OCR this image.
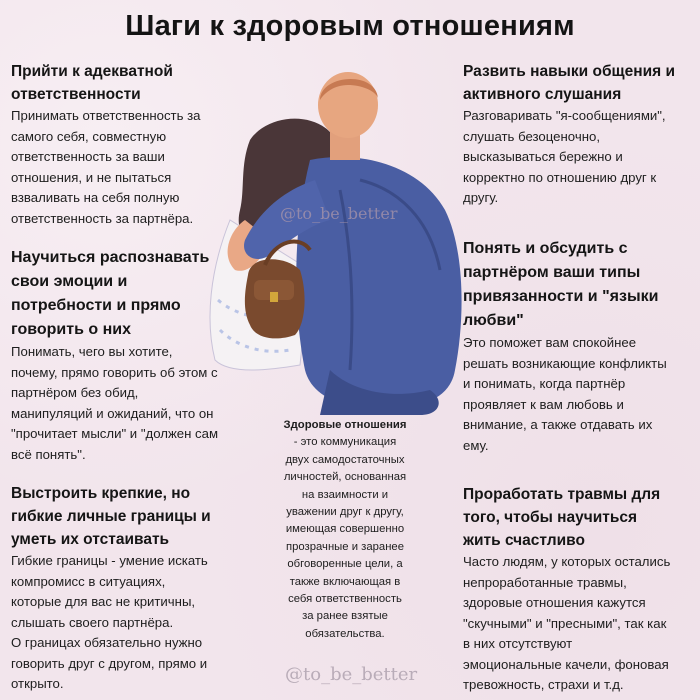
Шаги к здоровым отношениям
@to_be_better
Прийти к адекватной
ответственности

Принимать ответственность за
самого себя, совместную
ответственность за ваши
отношения, и не пытаться
взваливать на себя полную
ответственность за партнёра.

Научиться распознавать
свои эмоции и
потребности и прямо
говорить о них

Понимать, чего вы хотите,
почему, прямо говорить об этом с
партнёром без обид,
манипуляций и ожиданий, что он
"прочитает мысли" и "должен сам
всё понять".

Выстроить крепкие, но
гибкие личные границы и
уметь их отстаивать

Гибкие границы - умение искать
компромисс в ситуациях,
которые для вас не критичны,
слышать своего партнёра.
О границах обязательно нужно
говорить друг с другом, прямо и
открыто.

Развить навыки общения и
активного слушания

Разговаривать "я-сообщениями",
слушать безоценочно,
высказываться бережно и
корректно по отношению друг к
другу.

Понять и обсудить с
партнёром ваши типы
привязанности и "языки
любви"

Это поможет вам спокойнее
решать возникающие конфликты
и понимать, когда партнёр
проявляет к вам любовь и
внимание, а также отдавать их
ему.

Проработать травмы для
того, чтобы научиться
жить счастливо

Часто людям, у которых остались
непроработанные травмы,
здоровые отношения кажутся
"скучными" и "пресными", так как
в них отсутствуют
эмоциональные качели, фоновая
тревожность, страхи и т.д.

Здоровые отношения
- это коммуникация
двух самодостаточных
личностей, основанная
на взаимности и
уважении друг к другу,
имеющая совершенно
прозрачные и заранее
обговоренные цели, а
также включающая в
себя ответственность
за ранее взятые
обязательства.
@to_be_better
